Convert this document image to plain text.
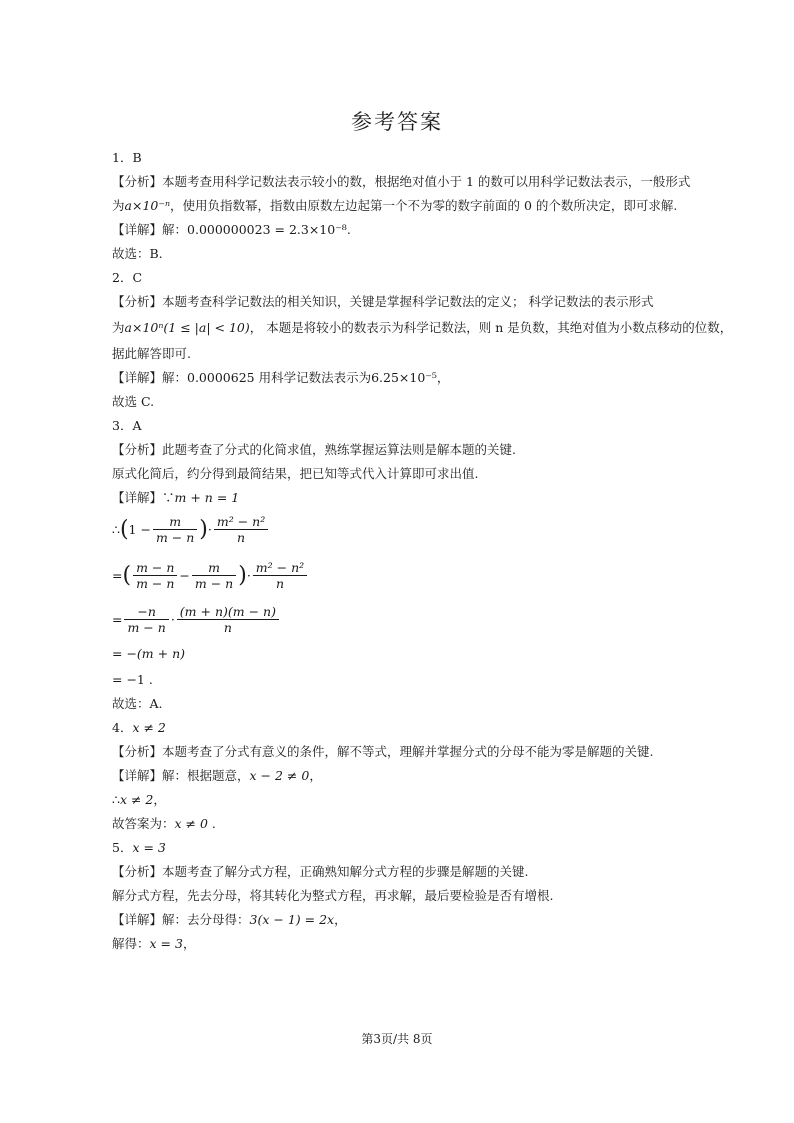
参考答案
1．B
【分析】本题考查用科学记数法表示较小的数，根据绝对值小于 1 的数可以用科学记数法表示，一般形式
为a×10⁻ⁿ，使用负指数幂，指数由原数左边起第一个不为零的数字前面的 0 的个数所决定，即可求解.
【详解】解：0.000000023 = 2.3×10⁻⁸.
故选：B.
2．C
【分析】本题考查科学记数法的相关知识，关键是掌握科学记数法的定义； 科学记数法的表示形式
为a×10ⁿ(1 ≤ |a| < 10)， 本题是将较小的数表示为科学记数法，则 n 是负数，其绝对值为小数点移动的位数，
据此解答即可.
【详解】解：0.0000625 用科学记数法表示为6.25×10⁻⁵，
故选 C.
3．A
【分析】此题考查了分式的化简求值，熟练掌握运算法则是解本题的关键.
原式化简后，约分得到最简结果，把已知等式代入计算即可求出值.
【详解】∵m + n = 1
∴ ( $1 - \frac{m}{m - n}$ ) · $\frac{\text{m² − n²}}{n}$
= ( $\frac{m - n}{m - n} - \frac{m}{m - n}$ ) · $\frac{\text{m² − n²}}{n}$
= $\frac{-n}{m - n} \cdot \frac{(m + n)(m - n)}{n}$
= −(m + n)
= −1 .
故选：A.
4．x ≠ 2
【分析】本题考查了分式有意义的条件，解不等式，理解并掌握分式的分母不能为零是解题的关键.
【详解】解：根据题意，x − 2 ≠ 0，
∴x ≠ 2，
故答案为：x ≠ 0 .
5．x = 3
【分析】本题考查了解分式方程，正确熟知解分式方程的步骤是解题的关键.
解分式方程，先去分母，将其转化为整式方程，再求解，最后要检验是否有增根.
【详解】解：去分母得：3(x − 1) = 2x，
解得：x = 3，
第3页/共 8页
